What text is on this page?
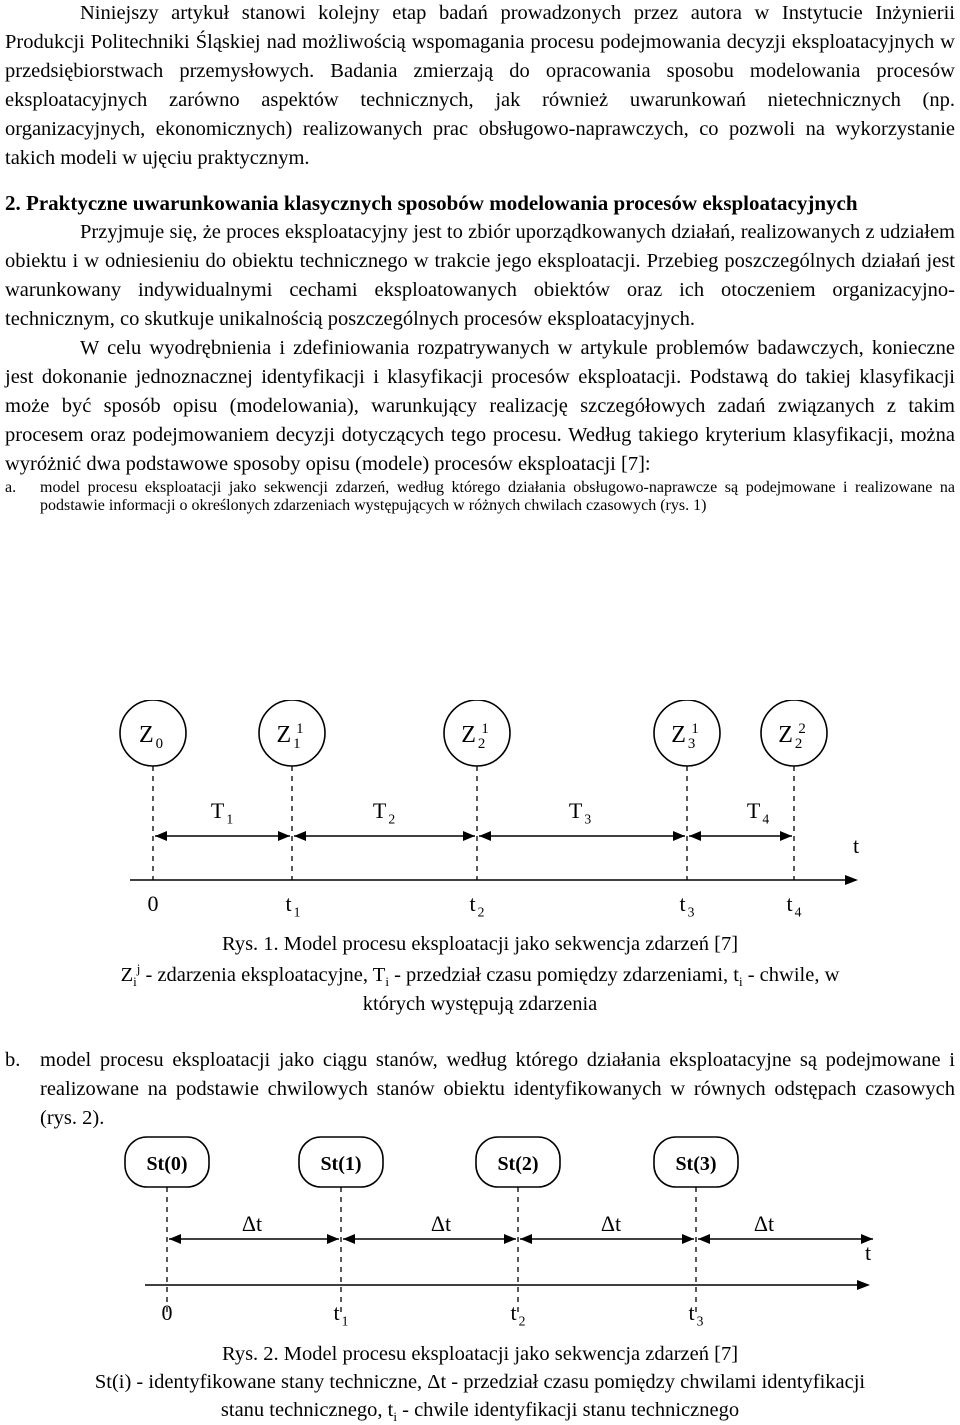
Niniejszy artykuł stanowi kolejny etap badań prowadzonych przez autora w Instytucie Inżynierii Produkcji Politechniki Śląskiej nad możliwością wspomagania procesu podejmowania decyzji eksploatacyjnych w przedsiębiorstwach przemysłowych. Badania zmierzają do opracowania sposobu modelowania procesów eksploatacyjnych zarówno aspektów technicznych, jak również uwarunkowań nietechnicznych (np. organizacyjnych, ekonomicznych) realizowanych prac obsługowo-naprawczych, co pozwoli na wykorzystanie takich modeli w ujęciu praktycznym.

2. Praktyczne uwarunkowania klasycznych sposobów modelowania procesów eksploatacyjnych

Przyjmuje się, że proces eksploatacyjny jest to zbiór uporządkowanych działań, realizowanych z udziałem obiektu i w odniesieniu do obiektu technicznego w trakcie jego eksploatacji. Przebieg poszczególnych działań jest warunkowany indywidualnymi cechami eksploatowanych obiektów oraz ich otoczeniem organizacyjno-technicznym, co skutkuje unikalnością poszczególnych procesów eksploatacyjnych.

W celu wyodrębnienia i zdefiniowania rozpatrywanych w artykule problemów badawczych, konieczne jest dokonanie jednoznacznej identyfikacji i klasyfikacji procesów eksploatacji. Podstawą do takiej klasyfikacji może być sposób opisu (modelowania), warunkujący realizację szczegółowych zadań związanych z takim procesem oraz podejmowaniem decyzji dotyczących tego procesu. Według takiego kryterium klasyfikacji, można wyróżnić dwa podstawowe sposoby opisu (modele) procesów eksploatacji [7]:

a.	model procesu eksploatacji jako sekwencji zdarzeń, według którego działania obsługowo-naprawcze są podejmowane i realizowane na podstawie informacji o określonych zdarzeniach występujących w różnych chwilach czasowych (rys. 1)
Z $_0$	Z $_1$1	Z $_2$1	Z $_3$1	Z $_2$2
T $_1$	T $_2$	T $_3$	T $_4$
t
0	t $_1$	t $_2$	t $_3$	t $_4$
Rys. 1. Model procesu eksploatacji jako sekwencja zdarzeń [7]
$Z_i^j$ - zdarzenia eksploatacyjne, $T_i$ - przedział czasu pomiędzy zdarzeniami, $t_i$ - chwile, w
których występują zdarzenia
b. model procesu eksploatacji jako ciągu stanów, według którego działania eksploatacyjne są podejmowane i realizowane na podstawie chwilowych stanów obiektu identyfikowanych w równych odstępach czasowych (rys. 2).
St(0)	St(1)	St(2)	St(3)
Δt	Δt	Δt	Δt
t
0	t $_1$	t $_2$	t $_3$
Rys. 2. Model procesu eksploatacji jako sekwencja zdarzeń [7]
St(i) - identyfikowane stany techniczne, Δt - przedział czasu pomiędzy chwilami identyfikacji
stanu technicznego, $t_i$ - chwile identyfikacji stanu technicznego
